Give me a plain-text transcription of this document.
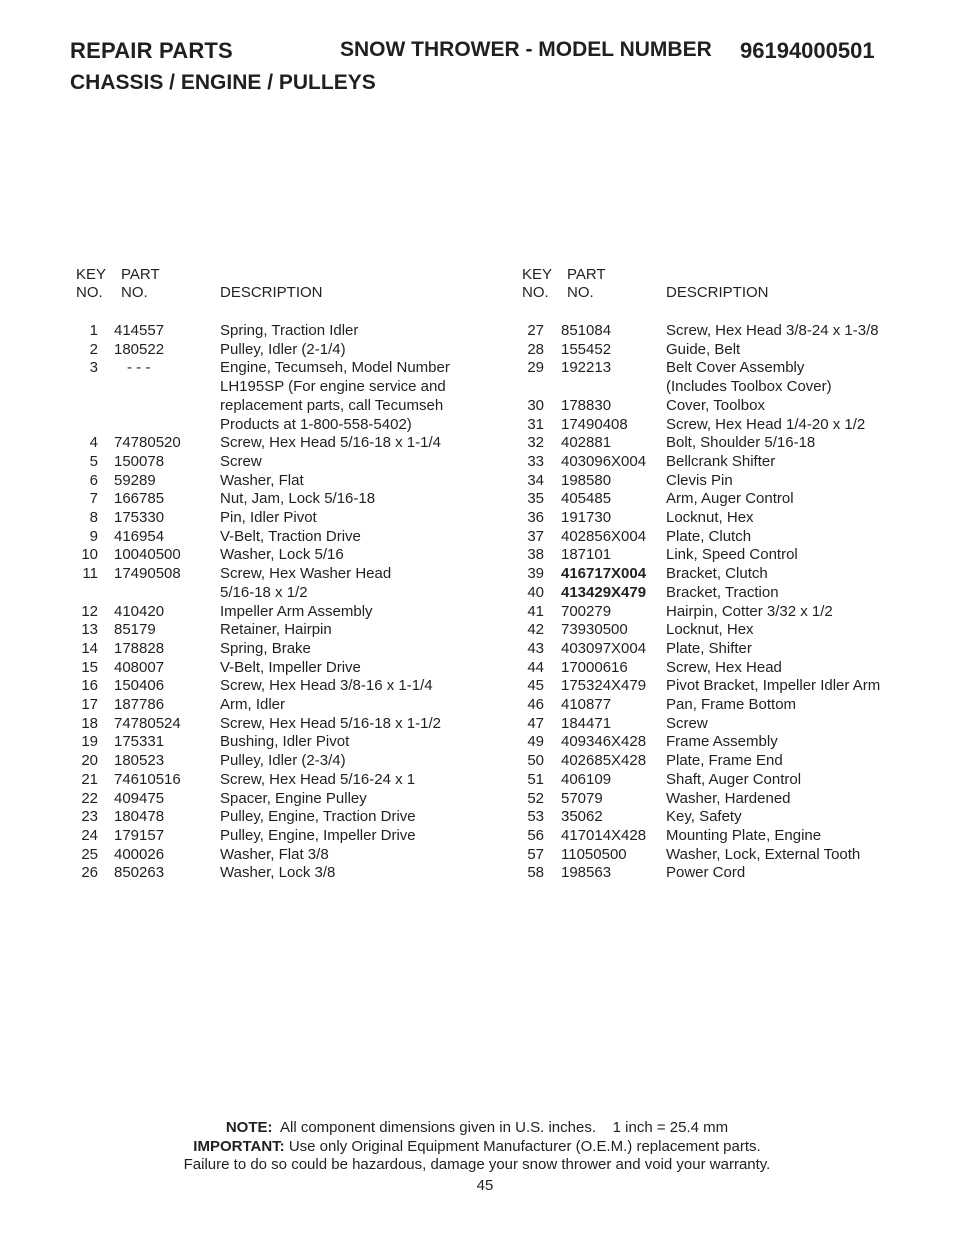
REPAIR PARTS	SNOW THROWER - MODEL NUMBER 96194000501
CHASSIS / ENGINE / PULLEYS
KEY
NO.
PART
NO.	DESCRIPTION
1 414557	Spring, Traction Idler
2 180522	Pulley, Idler (2-1/4)
3 - - -	Engine, Tecumseh, Model Number
LH195SP (For engine service and
replacement parts, call Tecumseh
Products at 1-800-558-5402)
4 74780520	Screw, Hex Head 5/16-18 x 1-1/4
5 150078	Screw
6 59289	Washer, Flat
7 166785	Nut, Jam, Lock 5/16-18
8 175330	Pin, Idler Pivot
9 416954	V-Belt, Traction Drive
10 10040500	Washer, Lock 5/16
11 17490508	Screw, Hex Washer Head
5/16-18 x 1/2
12 410420	Impeller Arm Assembly
13 85179	Retainer, Hairpin
14 178828	Spring, Brake
15 408007	V-Belt, Impeller Drive
16 150406	Screw, Hex Head 3/8-16 x 1-1/4
17 187786	Arm, Idler
18 74780524	Screw, Hex Head 5/16-18 x 1-1/2
19 175331	Bushing, Idler Pivot
20 180523	Pulley, Idler (2-3/4)
21 74610516	Screw, Hex Head 5/16-24 x 1
22 409475	Spacer, Engine Pulley
23 180478	Pulley, Engine, Traction Drive
24 179157	Pulley, Engine, Impeller Drive
25 400026	Washer, Flat 3/8
26 850263	Washer, Lock 3/8
KEY
NO.
PART
NO.	DESCRIPTION
27 851084	Screw, Hex Head 3/8-24 x 1-3/8
28 155452	Guide, Belt
29 192213	Belt Cover Assembly
(Includes Toolbox Cover)
30 178830	Cover, Toolbox
31 17490408	Screw, Hex Head 1/4-20 x 1/2
32 402881	Bolt, Shoulder 5/16-18
33 403096X004 Bellcrank Shifter
34 198580	Clevis Pin
35 405485	Arm, Auger Control
36 191730	Locknut, Hex
37 402856X004 Plate, Clutch
38 187101	Link, Speed Control
39 416717X004 Bracket, Clutch
40 413429X479 Bracket, Traction
41 700279	Hairpin, Cotter 3/32 x 1/2
42 73930500	Locknut, Hex
43 403097X004 Plate, Shifter
44 17000616	Screw, Hex Head
45 175324X479 Pivot Bracket, Impeller Idler Arm
46 410877	Pan, Frame Bottom
47 184471	Screw
49 409346X428 Frame Assembly
50 402685X428 Plate, Frame End
51 406109	Shaft, Auger Control
52 57079	Washer, Hardened
53 35062	Key, Safety
56 417014X428 Mounting Plate, Engine
57 11050500	Washer, Lock, External Tooth
58 198563	Power Cord
NOTE:  All component dimensions given in U.S. inches.    1 inch = 25.4 mm
IMPORTANT: Use only Original Equipment Manufacturer (O.E.M.) replacement parts.
Failure to do so could be hazardous, damage your snow thrower and void your warranty.
45
